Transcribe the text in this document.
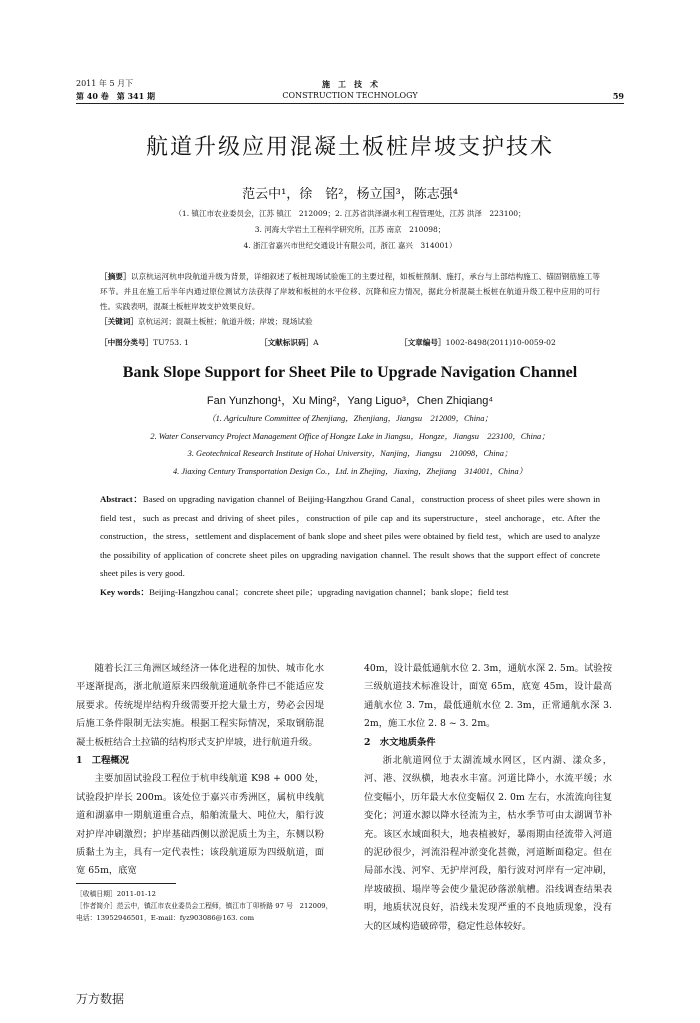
2011 年 5 月下
第 40 卷　第 341 期
施　工　技　术
CONSTRUCTION TECHNOLOGY	59
航道升级应用混凝土板桩岸坡支护技术
范云中¹，徐　铭²，杨立国³，陈志强⁴
（1. 镇江市农业委员会，江苏 镇江　212009；2. 江苏省洪泽湖水利工程管理处，江苏 洪泽　223100；
3. 河海大学岩土工程科学研究所，江苏 南京　210098；
4. 浙江省嘉兴市世纪交通设计有限公司，浙江 嘉兴　314001）
［摘要］以京杭运河杭申段航道升级为背景，详细叙述了板桩现场试验施工的主要过程，如板桩预制、施打，承台与上部结构施工、锚固钢筋施工等环节。并且在施工后半年内通过原位测试方法获得了岸坡和板桩的水平位移、沉降和应力情况，据此分析混凝土板桩在航道升级工程中应用的可行性。实践表明，混凝土板桩岸坡支护效果良好。
［关键词］京杭运河；混凝土板桩；航道升级；岸坡；现场试验
［中图分类号］TU753. 1	［文献标识码］A	［文章编号］1002-8498(2011)10-0059-02
Bank Slope Support for Sheet Pile to Upgrade Navigation Channel
Fan Yunzhong¹，Xu Ming²，Yang Liguo³，Chen Zhiqiang⁴
（1. Agriculture Committee of Zhenjiang，Zhenjiang，Jiangsu　212009，China；
2. Water Conservancy Project Management Office of Hongze Lake in Jiangsu，Hongze，Jiangsu　223100，China；
3. Geotechnical Research Institute of Hohai University，Nanjing，Jiangsu　210098，China；
4. Jiaxing Century Transportation Design Co.，Ltd. in Zhejing，Jiaxing，Zhejiang　314001，China）
Abstract：Based on upgrading navigation channel of Beijing-Hangzhou Grand Canal，construction process of sheet piles were shown in field test，such as precast and driving of sheet piles，construction of pile cap and its superstructure，steel anchorage，etc. After the construction，the stress，settlement and displacement of bank slope and sheet piles were obtained by field test，which are used to analyze the possibility of application of concrete sheet piles on upgrading navigation channel. The result shows that the support effect of concrete sheet piles is very good.
Key words：Beijing-Hangzhou canal；concrete sheet pile；upgrading navigation channel；bank slope；field test

随着长江三角洲区域经济一体化进程的加快、城市化水平逐渐提高，浙北航道原来四级航道通航条件已不能适应发展要求。传统堤岸结构升级需要开挖大量土方，势必会因堤后施工条件限制无法实施。根据工程实际情况，采取钢筋混凝土板桩结合土拉锚的结构形式支护岸坡，进行航道升级。

1　工程概况

主要加固试验段工程位于杭申线航道 K98 + 000 处，试验段护岸长 200m。该处位于嘉兴市秀洲区，属杭申线航道和湖嘉申一期航道重合点，船舶流量大、吨位大，船行波对护岸冲刷激烈；护岸基础西侧以淤泥质土为主，东侧以粉质黏土为主，具有一定代表性；该段航道原为四级航道，面宽 65m，底宽

40m，设计最低通航水位 2. 3m，通航水深 2. 5m。试验按三级航道技术标准设计，面宽 65m，底宽 45m，设计最高通航水位 3. 7m，最低通航水位 2. 3m，正常通航水深 3. 2m，施工水位 2. 8 ~ 3. 2m。

2　水文地质条件

浙北航道网位于太湖流域水网区，区内湖、漾众多，河、港、汊纵横，地表水丰富。河道比降小，水流平缓；水位变幅小，历年最大水位变幅仅 2. 0m 左右，水流流向往复变化；河道水源以降水径流为主，枯水季节可由太湖调节补充。该区水域面积大，地表植被好，暴雨期由径流带入河道的泥砂很少，河流沿程冲淤变化甚微，河道断面稳定。但在局部水浅、河窄、无护岸河段，船行波对河岸有一定冲刷，岸坡破损、塌岸等会使少量泥砂落淤航槽。沿线调查结果表明，地质状况良好，沿线未发现严重的不良地质现象，没有大的区域构造破碎带，稳定性总体较好。

［收稿日期］2011-01-12
［作者简介］范云中，镇江市农业委员会工程师，镇江市丁卯桥路 97 号　212009，电话：13952946501，E-mail：fyz903086@163. com
万方数据
